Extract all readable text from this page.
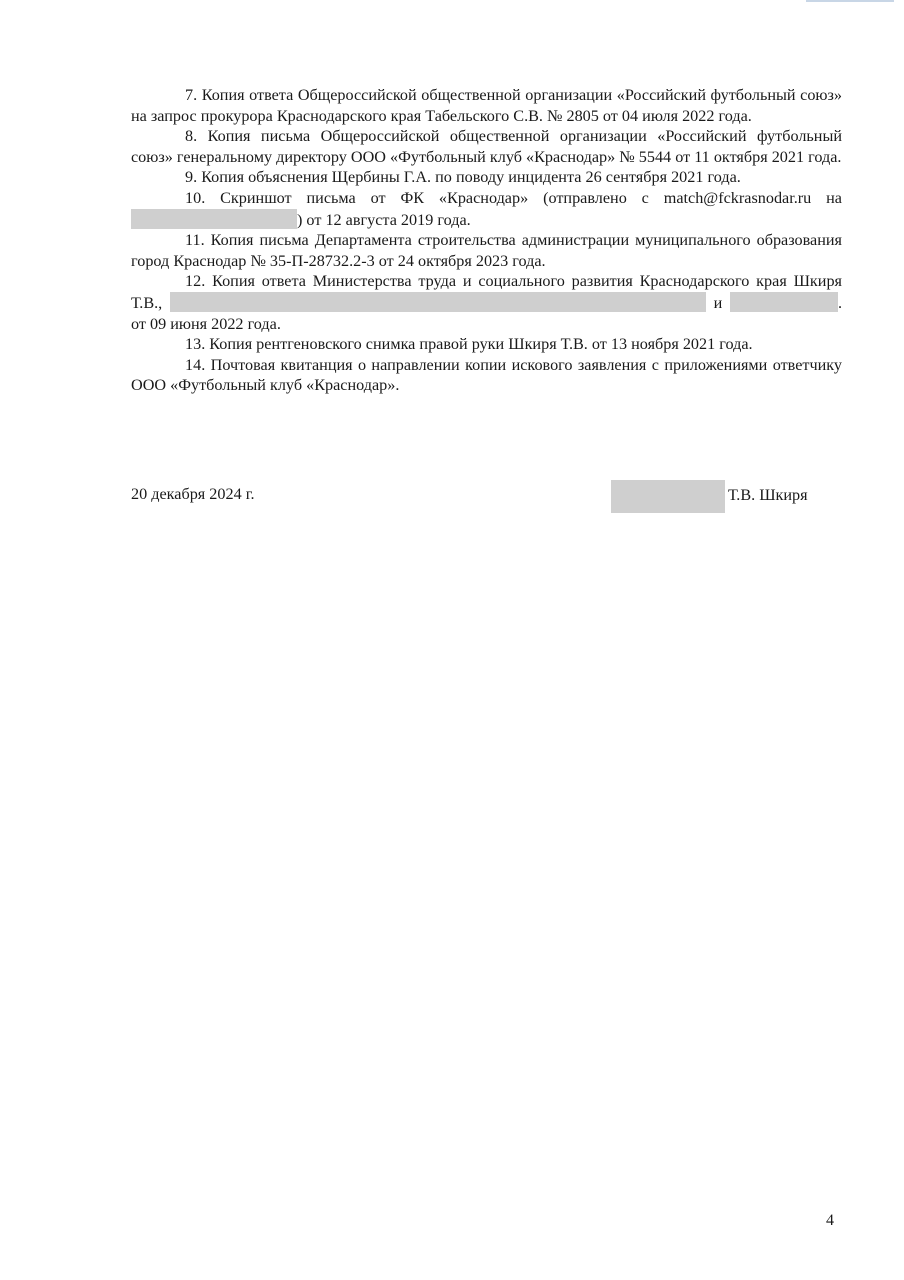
7. Копия ответа Общероссийской общественной организации «Российский футбольный союз» на запрос прокурора Краснодарского края Табельского С.В. № 2805 от 04 июля 2022 года.

8. Копия письма Общероссийской общественной организации «Российский футбольный союз» генеральному директору ООО «Футбольный клуб «Краснодар» № 5544 от 11 октября 2021 года.

9. Копия объяснения Щербины Г.А. по поводу инцидента 26 сентября 2021 года.

10. Скриншот письма от ФК «Краснодар» (отправлено с match@fckrasnodar.ru на ) от 12 августа 2019 года.

11. Копия письма Департамента строительства администрации муниципального образования город Краснодар № 35-П-28732.2-3 от 24 октября 2023 года.

12. Копия ответа Министерства труда и социального развития Краснодарского края Шкиря Т.В.,	и	. от 09 июня 2022 года.

13. Копия рентгеновского снимка правой руки Шкиря Т.В. от 13 ноября 2021 года.

14. Почтовая квитанция о направлении копии искового заявления с приложениями ответчику ООО «Футбольный клуб «Краснодар».

20 декабря 2024 г.	Т.В. Шкиря
4
